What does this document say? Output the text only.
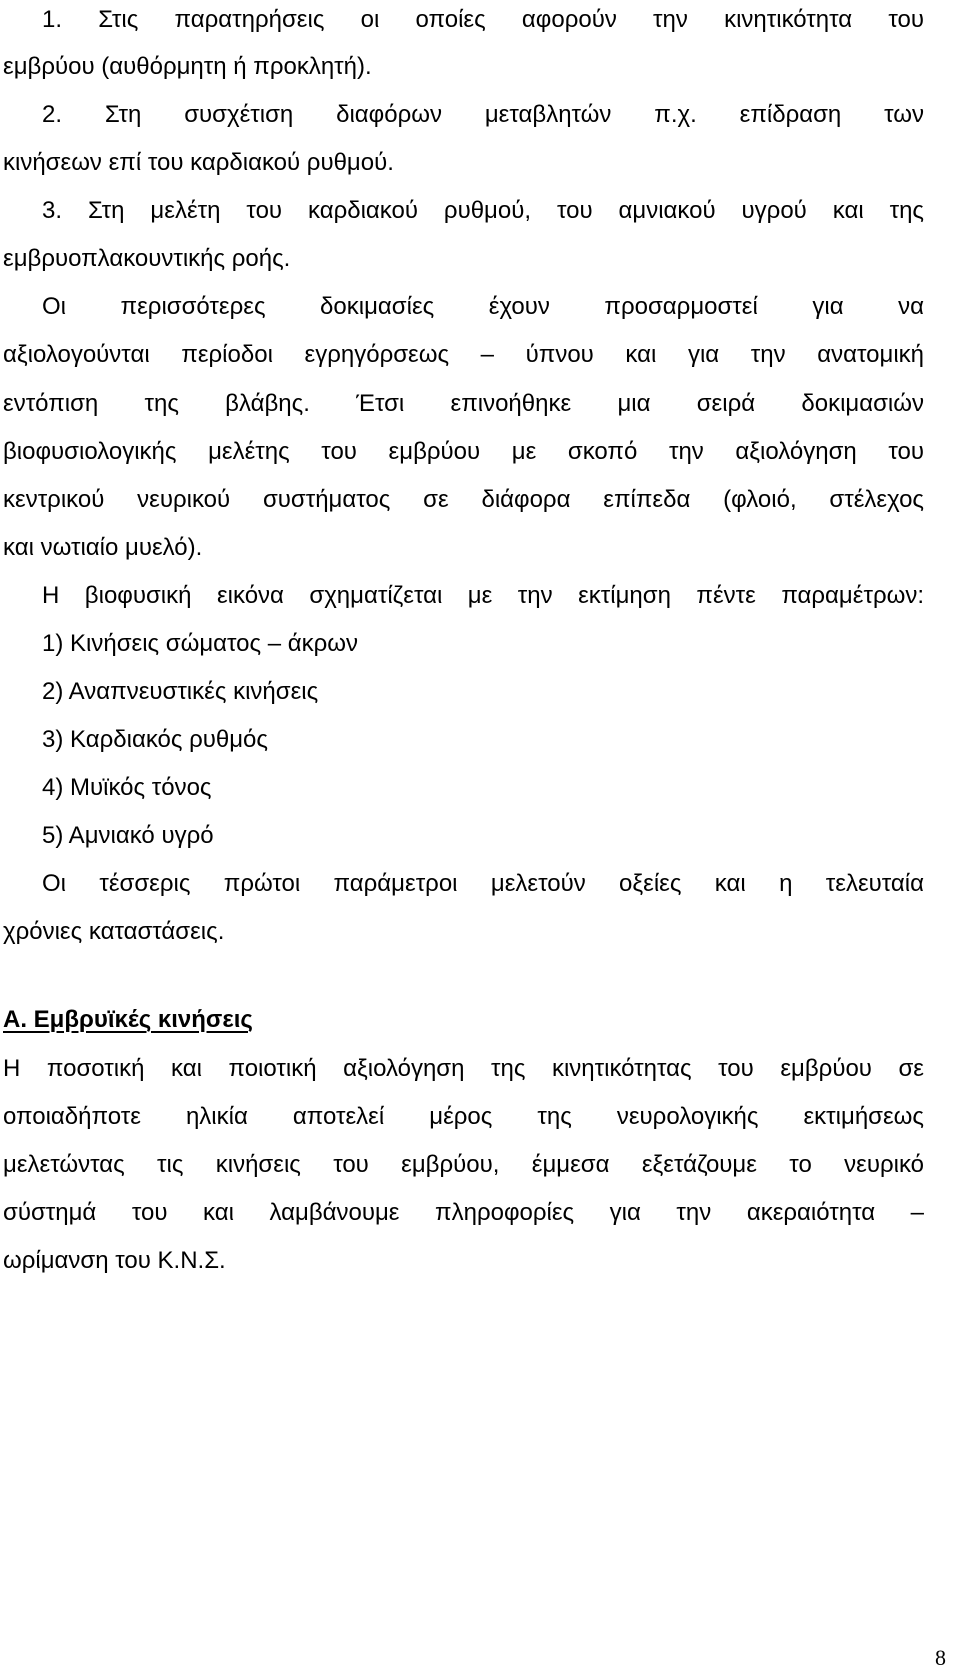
1. Στις παρατηρήσεις οι οποίες αφορούν την κινητικότητα του

εμβρύου (αυθόρμητη ή προκλητή).

2. Στη συσχέτιση διαφόρων μεταβλητών π.χ. επίδραση των

κινήσεων επί του καρδιακού ρυθμού.

3. Στη μελέτη του καρδιακού ρυθμού, του αμνιακού υγρού και της

εμβρυοπλακουντικής ροής.

Οι περισσότερες δοκιμασίες έχουν προσαρμοστεί για να

αξιολογούνται περίοδοι εγρηγόρσεως – ύπνου και για την ανατομική

εντόπιση της βλάβης. Έτσι επινοήθηκε μια σειρά δοκιμασιών

βιοφυσιολογικής μελέτης του εμβρύου με σκοπό την αξιολόγηση του

κεντρικού νευρικού συστήματος σε διάφορα επίπεδα (φλοιό, στέλεχος

και νωτιαίο μυελό).

Η βιοφυσική εικόνα σχηματίζεται με την εκτίμηση πέντε παραμέτρων:

1) Κινήσεις σώματος – άκρων

2) Αναπνευστικές κινήσεις

3) Καρδιακός ρυθμός

4) Μυϊκός τόνος

5) Αμνιακό υγρό

Οι τέσσερις πρώτοι παράμετροι μελετούν οξείες και η τελευταία

χρόνιες καταστάσεις.

Α. Εμβρυϊκές κινήσεις

Η ποσοτική και ποιοτική αξιολόγηση της κινητικότητας του εμβρύου σε

οποιαδήποτε ηλικία αποτελεί μέρος της νευρολογικής εκτιμήσεως

μελετώντας τις κινήσεις του εμβρύου, έμμεσα εξετάζουμε το νευρικό

σύστημά του και λαμβάνουμε πληροφορίες για την ακεραιότητα –

ωρίμανση του Κ.Ν.Σ.

8
